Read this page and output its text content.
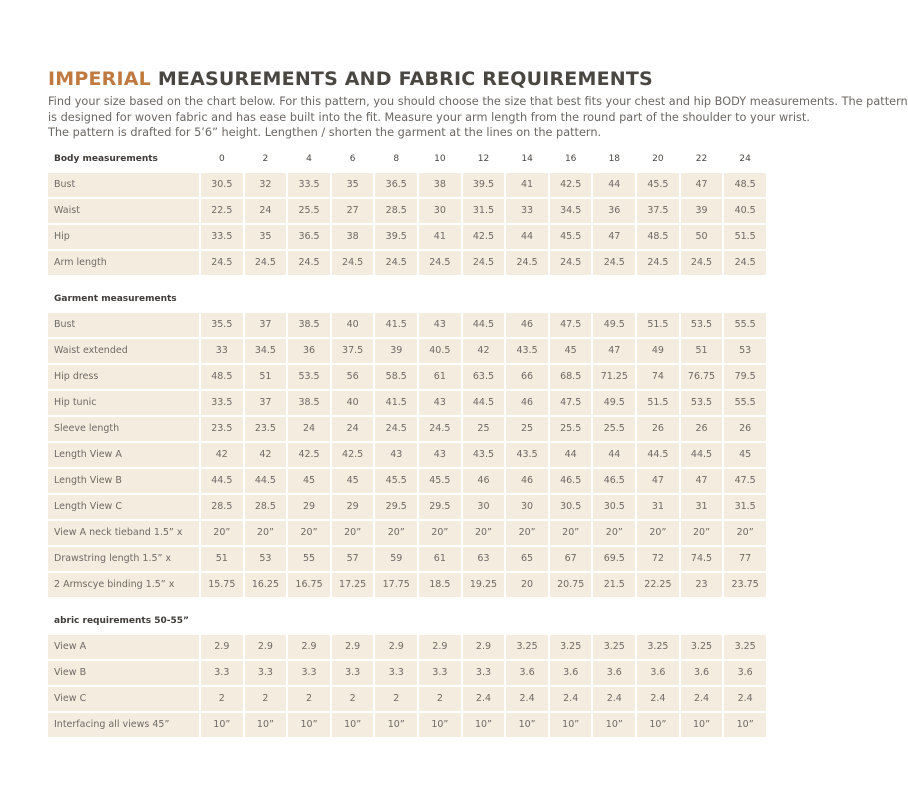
IMPERIAL MEASUREMENTS AND FABRIC REQUIREMENTS
Find your size based on the chart below. For this pattern, you should choose the size that best fits your chest and hip BODY measurements. The pattern
is designed for woven fabric and has ease built into the fit. Measure your arm length from the round part of the shoulder to your wrist.
The pattern is drafted for 5’6” height. Lengthen / shorten the garment at the lines on the pattern.
Body measurements	0	2	4	6	8	10	12	14	16	18	20	22	24
Bust	30.5	32	33.5	35	36.5	38	39.5	41	42.5	44	45.5	47	48.5
Waist	22.5	24	25.5	27	28.5	30	31.5	33	34.5	36	37.5	39	40.5
Hip	33.5	35	36.5	38	39.5	41	42.5	44	45.5	47	48.5	50	51.5
Arm length	24.5	24.5	24.5	24.5	24.5	24.5	24.5	24.5	24.5	24.5	24.5	24.5	24.5

Garment measurements													
Bust	35.5	37	38.5	40	41.5	43	44.5	46	47.5	49.5	51.5	53.5	55.5
Waist extended	33	34.5	36	37.5	39	40.5	42	43.5	45	47	49	51	53
Hip dress	48.5	51	53.5	56	58.5	61	63.5	66	68.5	71.25	74	76.75	79.5
Hip tunic	33.5	37	38.5	40	41.5	43	44.5	46	47.5	49.5	51.5	53.5	55.5
Sleeve length	23.5	23.5	24	24	24.5	24.5	25	25	25.5	25.5	26	26	26
Length View A	42	42	42.5	42.5	43	43	43.5	43.5	44	44	44.5	44.5	45
Length View B	44.5	44.5	45	45	45.5	45.5	46	46	46.5	46.5	47	47	47.5
Length View C	28.5	28.5	29	29	29.5	29.5	30	30	30.5	30.5	31	31	31.5
View A neck tieband 1.5” x	20”	20”	20”	20”	20”	20”	20”	20”	20”	20”	20”	20”	20”
Drawstring length 1.5” x	51	53	55	57	59	61	63	65	67	69.5	72	74.5	77
2 Armscye binding 1.5” x	15.75	16.25	16.75	17.25	17.75	18.5	19.25	20	20.75	21.5	22.25	23	23.75

abric requirements 50-55”													
View A	2.9	2.9	2.9	2.9	2.9	2.9	2.9	3.25	3.25	3.25	3.25	3.25	3.25
View B	3.3	3.3	3.3	3.3	3.3	3.3	3.3	3.6	3.6	3.6	3.6	3.6	3.6
View C	2	2	2	2	2	2	2.4	2.4	2.4	2.4	2.4	2.4	2.4
Interfacing all views 45”	10”	10”	10”	10”	10”	10”	10”	10”	10”	10”	10”	10”	10”
